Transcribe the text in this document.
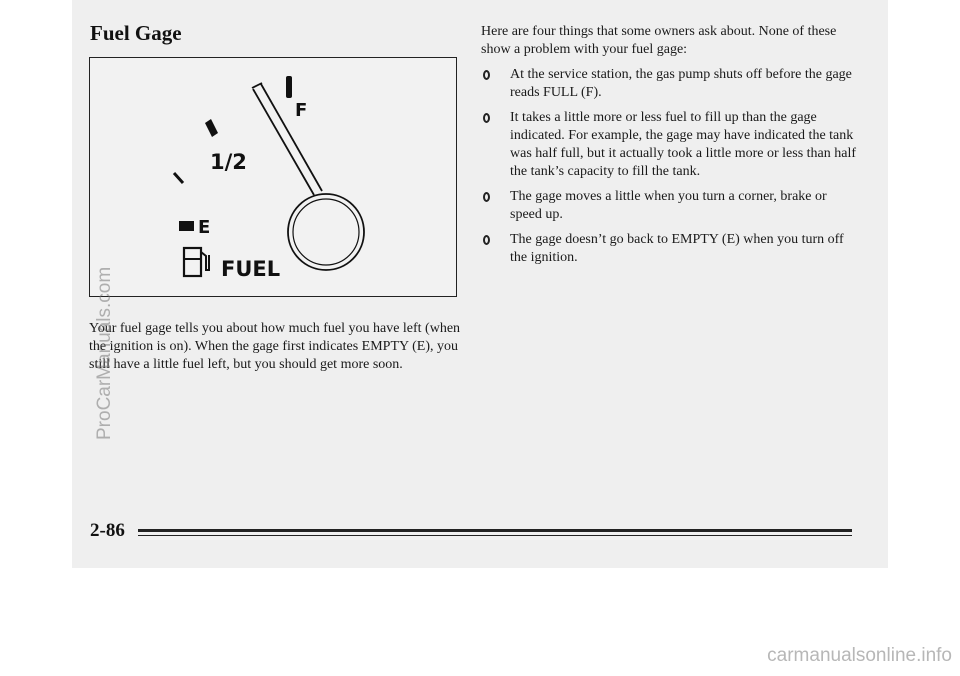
Fuel Gage
F
1/2
E
FUEL

Your fuel gage tells you about how much fuel you have left (when the ignition is on). When the gage first indicates EMPTY (E), you still have a little fuel left, but you should get more soon.

Here are four things that some owners ask about. None of these show a problem with your fuel gage:

At the service station, the gas pump shuts off before the gage reads FULL (F).
It takes a little more or less fuel to fill up than the gage indicated. For example, the gage may have indicated the tank was half full, but it actually took a little more or less than half the tank’s capacity to fill the tank.
The gage moves a little when you turn a corner, brake or speed up.
The gage doesn’t go back to EMPTY (E) when you turn off the ignition.
2-86
ProCarManuals.com
carmanualsonline.info
